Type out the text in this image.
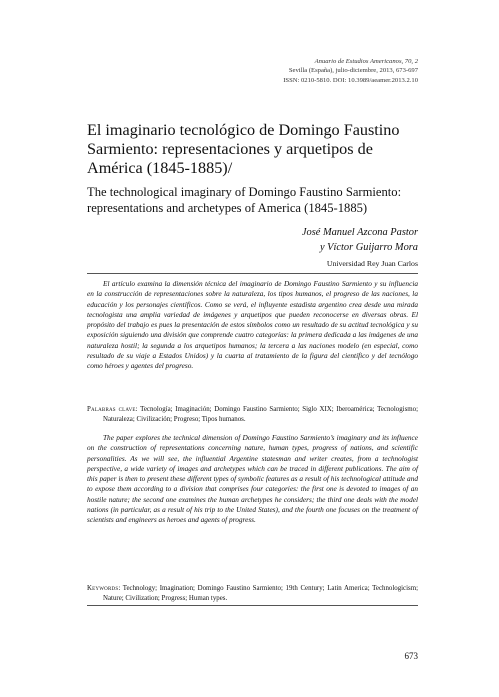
Anuario de Estudios Americanos, 70, 2
Sevilla (España), julio-diciembre, 2013, 673-697
ISSN: 0210-5810. DOI: 10.3989/aeamer.2013.2.10
El imaginario tecnológico de Domingo Faustino Sarmiento: representaciones y arquetipos de América (1845-1885)/
The technological imaginary of Domingo Faustino Sarmiento: representations and archetypes of America (1845-1885)
José Manuel Azcona Pastor
y Víctor Guijarro Mora
Universidad Rey Juan Carlos

El artículo examina la dimensión técnica del imaginario de Domingo Faustino Sarmiento y su influencia en la construcción de representaciones sobre la naturaleza, los tipos humanos, el progreso de las naciones, la educación y los personajes científicos. Como se verá, el influyente estadista argentino crea desde una mirada tecnologista una amplia variedad de imágenes y arquetipos que pueden reconocerse en diversas obras. El propósito del trabajo es pues la presentación de estos símbolos como un resultado de su actitud tecnológica y su exposición siguiendo una división que comprende cuatro categorías: la primera dedicada a las imágenes de una naturaleza hostil; la segunda a los arquetipos humanos; la tercera a las naciones modelo (en especial, como resultado de su viaje a Estados Unidos) y la cuarta al tratamiento de la figura del científico y del tecnólogo como héroes y agentes del progreso.

Palabras clave: Tecnología; Imaginación; Domingo Faustino Sarmiento; Siglo XIX; Iberoamérica; Tecnologismo; Naturaleza; Civilización; Progreso; Tipos humanos.

The paper explores the technical dimension of Domingo Faustino Sarmiento’s imaginary and its influence on the construction of representations concerning nature, human types, progress of nations, and scientific personalities. As we will see, the influential Argentine statesman and writer creates, from a technologist perspective, a wide variety of images and archetypes which can be traced in different publications. The aim of this paper is then to present these different types of symbolic features as a result of his technological attitude and to expose them according to a division that comprises four categories: the first one is devoted to images of an hostile nature; the second one examines the human archetypes he considers; the third one deals with the model nations (in particular, as a result of his trip to the United States), and the fourth one focuses on the treatment of scientists and engineers as heroes and agents of progress.

Keywords: Technology; Imagination; Domingo Faustino Sarmiento; 19th Century; Latin America; Technologicism; Nature; Civilization; Progress; Human types.
673
